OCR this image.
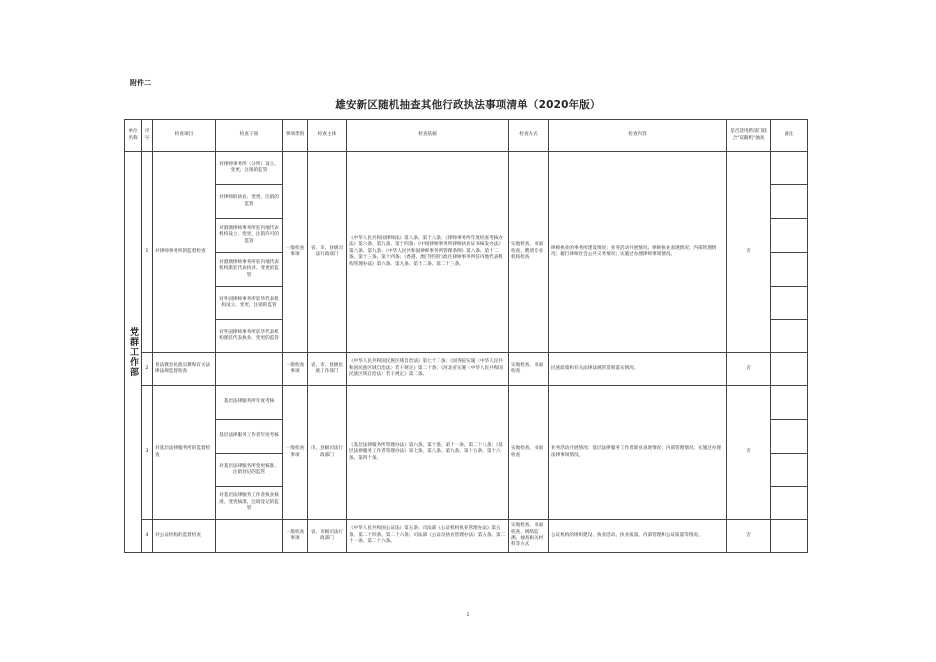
附件二
雄安新区随机抽查其他行政执法事项清单（2020年版）
单位名称	序号	检查项目	检查子项	事项类别	检查主体	检查依据	检查方式	检查内容	是否适用跨部门联合"双随机"抽查	备注

党群工作部	1	对律师事务所的监督检查	对律师事务所（分所）设立、变更、注销的监管	一般检查事项	省、市、县级司法行政部门	《中华人民共和国律师法》第八条、第十八条；《律师事务所年度检查考核办法》第六条、第九条、第十四条；《中国律师事务所律师执业证书核发办法》第八条、第九条；《中华人民共和国律师事务所管理条例》第八条、第十二条、第十三条、第十四条；《香港、澳门特别行政区律师事务所驻内地代表机构管理办法》第六条、第九条、第十二条、第二十三条。	实地检查、书面检查、聘请专业机构检查	律师执业的事务所建设情况；业务活动开展情况；律师执业表现情况；内部管理情况；履行律师社会公共义务情况；实施过办理律师事项情况。	否	
			对律师的执业、变更、注销的监管							
			对港澳律师事务所驻内地代表机构设立、变更、注销许可的监管							
			对港澳律师事务所驻内地代表机构派驻代表执业、变更的监管							
			对外国律师事务所驻华代表机构设立、变更、注销的监管							
			对外国律师事务所驻华代表机构派驻代表执业、变更的监管							
	2	普法教育民族宗教和有关法律法规监督检查		一般检查事项	省、市、县级民族工作部门	《中华人民共和国民族区域自治法》第七十二条；《国务院实施〈中华人民共和国民族区域自治法〉若干规定》第二十条；《河北省实施〈中华人民共和国民族区域自治法〉若干规定》第二条。	实地检查、书面检查	民族政策和有关法律法规的贯彻落实情况。	否	
	3	对基层法律服务所的监督检查	基层法律服务所年度考核	一般检查事项	市、县级司法行政部门	《基层法律服务所管理办法》第六条、第十条、第十一条、第二十八条；《基层法律服务工作者管理办法》第七条、第八条、第九条、第十五条、第十六条、第四十条。	实地检查、书面检查	业务活动开展情况；基层法律服务工作者职业表现情况；内部管理情况；实施过办理法律事项情况。	否	
			基层法律服务工作者年度考核							
			对基层法律服务所变更核准、注销登记的监管							
			对基层法律服务工作者执业核准、变更核准、注销登记的监管							
	4	对公证机构的监督检查		一般检查事项	省、市级司法行政部门	《中华人民共和国公证法》第五条；司法部《公证机构执业管理办法》第五条、第二十四条、第二十六条；司法部《公证员执业管理办法》第五条、第二十一条、第二十六条。	实地检查、书面检查、网络监测、抽查相关材料等方式	公证机构的组织建设、执业活动、执业质量、内部管理和公证质量等情况。	否	
1
